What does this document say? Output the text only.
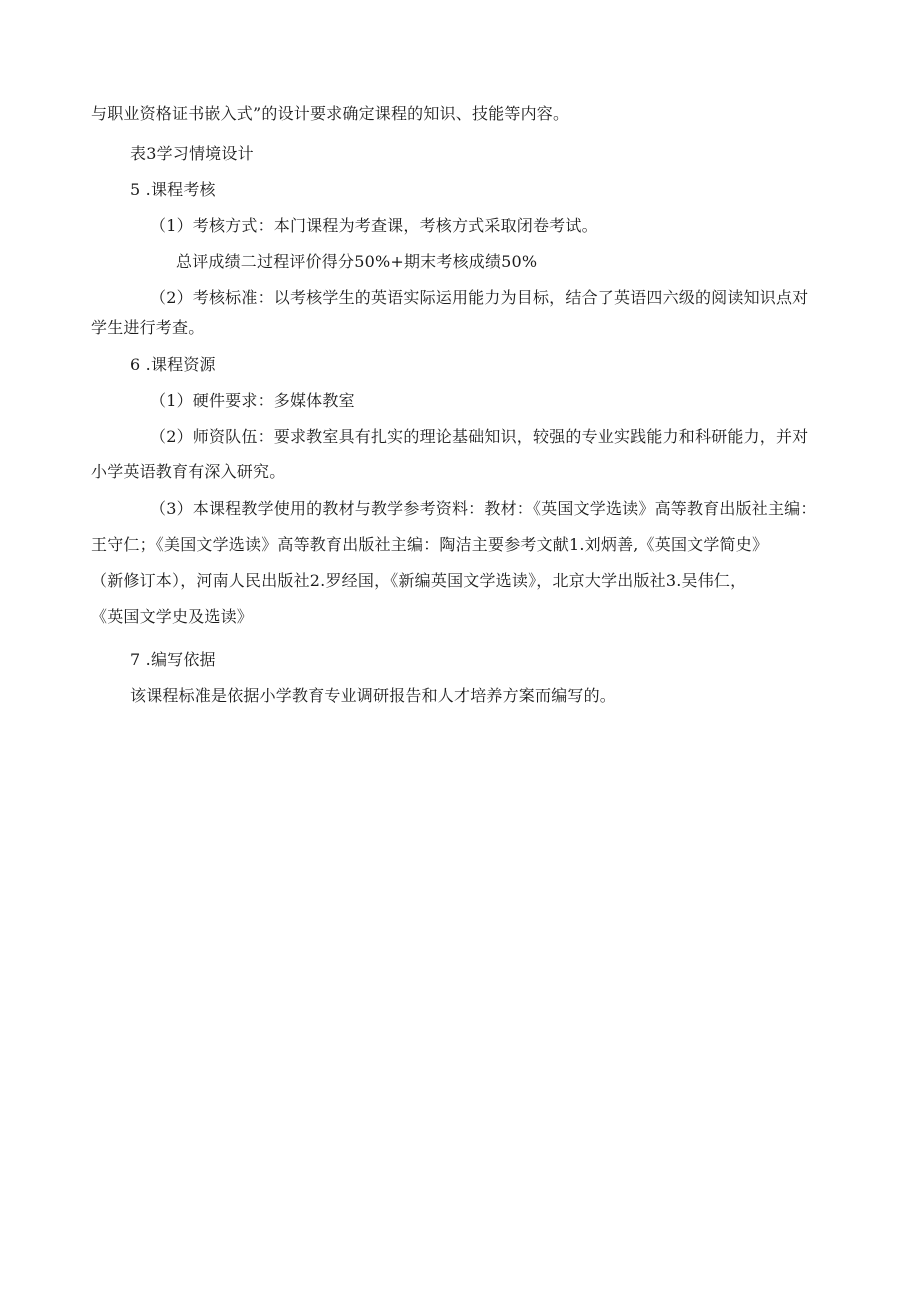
与职业资格证书嵌入式”的设计要求确定课程的知识、技能等内容。
表3学习情境设计
5 .课程考核
（1）考核方式：本门课程为考查课，考核方式采取闭卷考试。
总评成绩二过程评价得分50%+期末考核成绩50%
（2）考核标准：以考核学生的英语实际运用能力为目标，结合了英语四六级的阅读知识点对
学生进行考查。
6 .课程资源
（1）硬件要求：多媒体教室
（2）师资队伍：要求教室具有扎实的理论基础知识，较强的专业实践能力和科研能力，并对
小学英语教育有深入研究。
（3）本课程教学使用的教材与教学参考资料：教材：《英国文学选读》高等教育出版社主编：
王守仁；《美国文学选读》高等教育出版社主编：陶洁主要参考文献1.刘炳善,《英国文学简史》
（新修订本），河南人民出版社2.罗经国，《新编英国文学选读》，北京大学出版社3.吴伟仁，
《英国文学史及选读》
7 .编写依据
该课程标准是依据小学教育专业调研报告和人才培养方案而编写的。
